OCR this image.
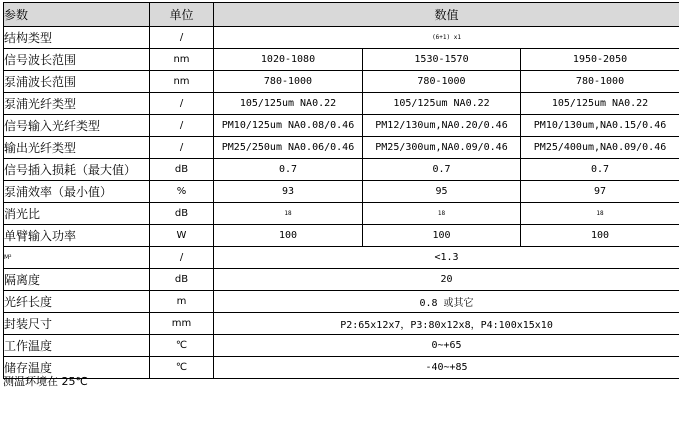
参数	单位	数值		
结构类型	/	(6+1) x1		
信号波长范围	nm	1020-1080	1530-1570	1950-2050
泵浦波长范围	nm	780-1000	780-1000	780-1000
泵浦光纤类型	/	105/125um NA0.22	105/125um NA0.22	105/125um NA0.22
信号输入光纤类型	/	PM10/125um NA0.08/0.46	PM12/130um,NA0.20/0.46	PM10/130um,NA0.15/0.46
输出光纤类型	/	PM25/250um NA0.06/0.46	PM25/300um,NA0.09/0.46	PM25/400um,NA0.09/0.46
信号插入损耗（最大值）	dB	0.7	0.7	0.7
泵浦效率（最小值）	%	93	95	97
消光比	dB	18	18	18
单臂输入功率	W	100	100	100
M²	/	<1.3		
隔离度	dB	20		
光纤长度	m	0.8 或其它		
封装尺寸	mm	P2:65x12x7，P3:80x12x8，P4:100x15x10		
工作温度	℃	0~+65		
储存温度	℃	-40~+85		
测温环境在 25℃
